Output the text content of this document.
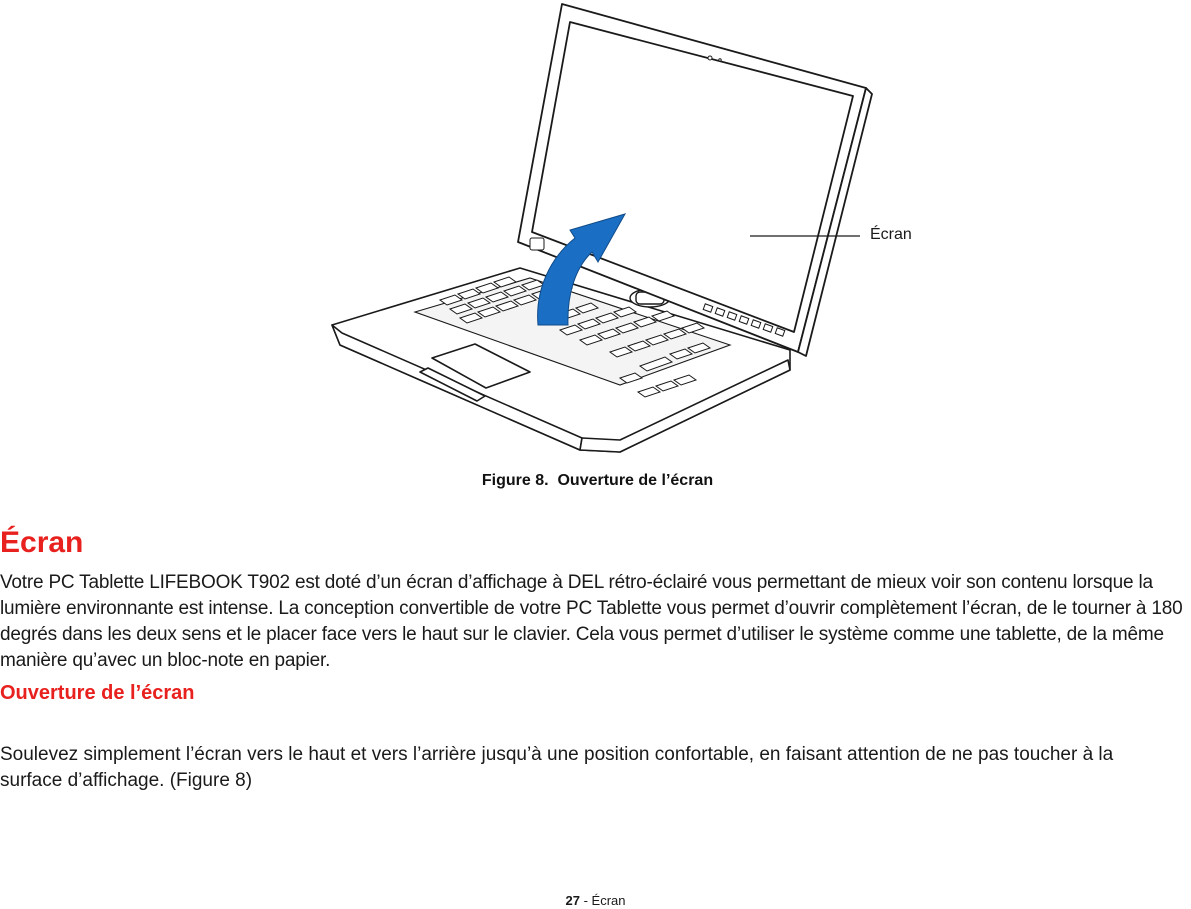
Écran
Figure 8.  Ouverture de l’écran
Écran

Votre PC Tablette LIFEBOOK T902 est doté d’un écran d’affichage à DEL rétro-éclairé vous permettant de mieux voir son contenu lorsque la lumière environnante est intense. La conception convertible de votre PC Tablette vous permet d’ouvrir complètement l’écran, de le tourner à 180 degrés dans les deux sens et le placer face vers le haut sur le clavier. Cela vous permet d’utiliser le système comme une tablette, de la même manière qu’avec un bloc-note en papier.

Ouverture de l’écran

Soulevez simplement l’écran vers le haut et vers l’arrière jusqu’à une position confortable, en faisant attention de ne pas toucher à la surface d’affichage. (Figure 8)

27 - Écran
